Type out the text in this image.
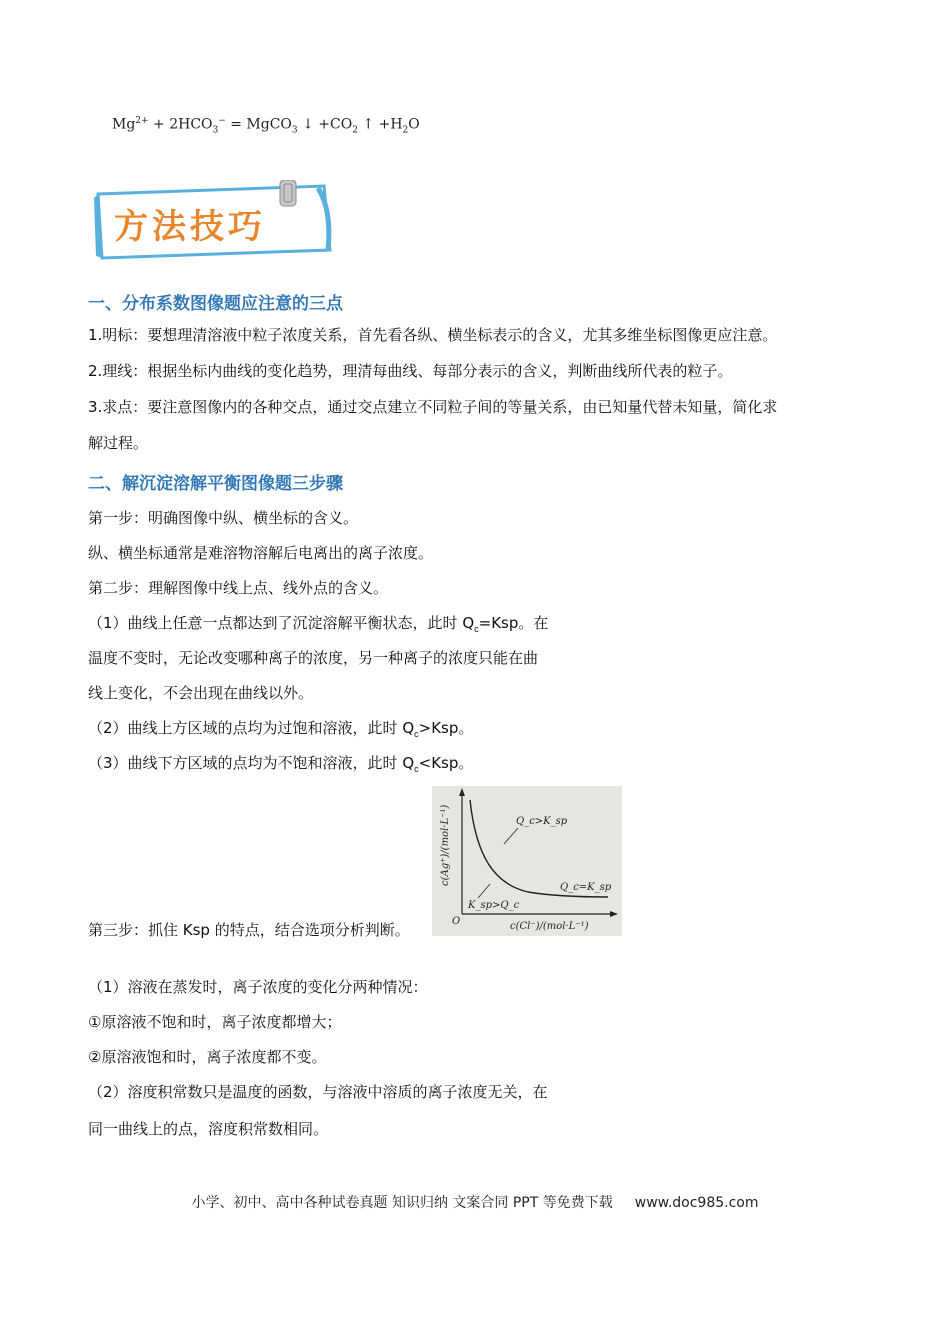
$Mg^{2+} + 2HCO_3^-$ = MgCO$_3$ ↓ $+CO_2$ ↑ $+H_2O$
方法技巧
一、分布系数图像题应注意的三点
1.明标：要想理清溶液中粒子浓度关系，首先看各纵、横坐标表示的含义，尤其多维坐标图像更应注意。
2.理线：根据坐标内曲线的变化趋势，理清每曲线、每部分表示的含义，判断曲线所代表的粒子。
3.求点：要注意图像内的各种交点，通过交点建立不同粒子间的等量关系，由已知量代替未知量，简化求
解过程。
二、解沉淀溶解平衡图像题三步骤
第一步：明确图像中纵、横坐标的含义。
纵、横坐标通常是难溶物溶解后电离出的离子浓度。
第二步：理解图像中线上点、线外点的含义。
（1）曲线上任意一点都达到了沉淀溶解平衡状态，此时 $Q_c=Ksp$。在
温度不变时，无论改变哪种离子的浓度，另一种离子的浓度只能在曲
线上变化，不会出现在曲线以外。
（2）曲线上方区域的点均为过饱和溶液，此时 $Q_c>Ksp$。
（3）曲线下方区域的点均为不饱和溶液，此时 $Q_c<Ksp$。
第三步：抓住 Ksp 的特点，结合选项分析判断。
c(Ag⁺)/(mol·L⁻¹)
c(Cl⁻)/(mol·L⁻¹)
O
Q_c>K_sp
K_sp>Q_c
Q_c=K_sp
（1）溶液在蒸发时，离子浓度的变化分两种情况：
①原溶液不饱和时，离子浓度都增大；
②原溶液饱和时，离子浓度都不变。
（2）溶度积常数只是温度的函数，与溶液中溶质的离子浓度无关，在
同一曲线上的点，溶度积常数相同。
小学、初中、高中各种试卷真题 知识归纳 文案合同 PPT 等免费下载 www.doc985.com
